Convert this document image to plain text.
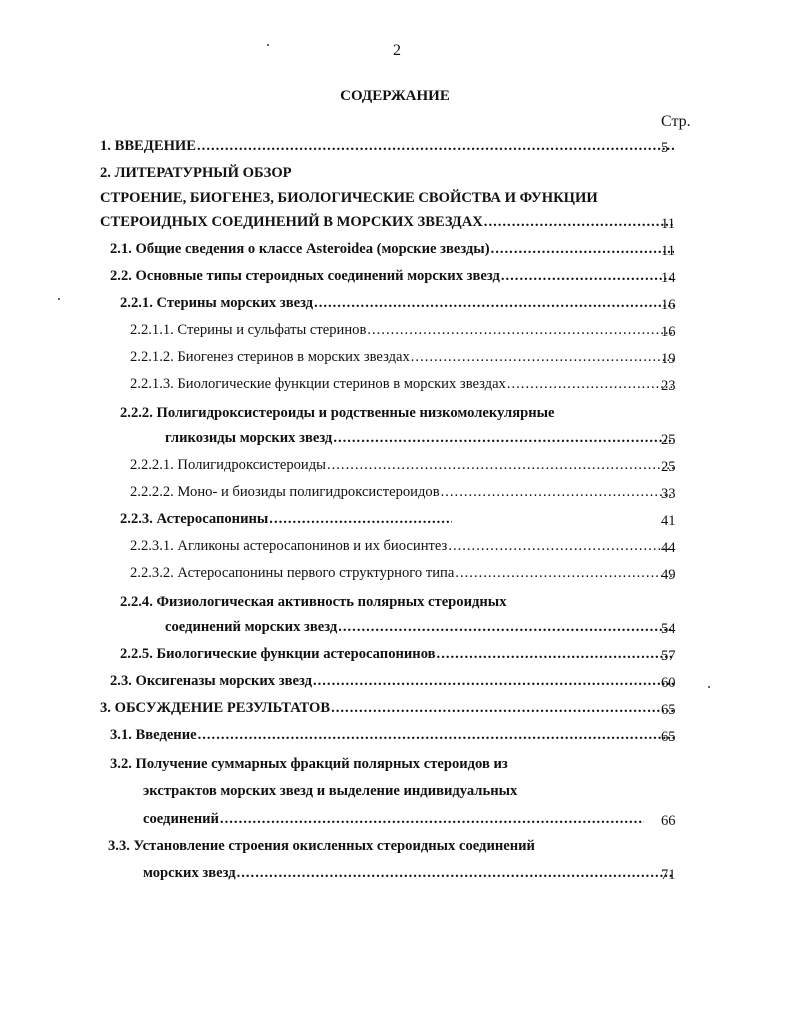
2
СОДЕРЖАНИЕ
Стр.
1. ВВЕДЕНИЕ .....	5
2. ЛИТЕРАТУРНЫЙ ОБЗОР
СТРОЕНИЕ, БИОГЕНЕЗ, БИОЛОГИЧЕСКИЕ СВОЙСТВА И ФУНКЦИИ
СТЕРОИДНЫХ СОЕДИНЕНИЙ В МОРСКИХ ЗВЕЗДАХ .....	11
2.1. Общие сведения о классе Asteroidea (морские звезды) .....	11
2.2. Основные типы стероидных соединений морских звезд .....	14
2.2.1. Стерины морских звезд .....	16
2.2.1.1. Стерины и сульфаты стеринов .....	16
2.2.1.2. Биогенез стеринов в морских звездах .....	19
2.2.1.3. Биологические функции стеринов в морских звездах .....	23
2.2.2. Полигидроксистероиды и родственные низкомолекулярные
гликозиды морских звезд .....	25
2.2.2.1. Полигидроксистероиды .....	25
2.2.2.2. Моно- и биозиды полигидроксистероидов .....	33
2.2.3. Астеросапонины .....	41
2.2.3.1. Агликоны астеросапонинов и их биосинтез .....	44
2.2.3.2. Астеросапонины первого структурного типа .....	49
2.2.4. Физиологическая активность полярных стероидных
соединений морских звезд .....	54
2.2.5. Биологические функции астеросапонинов .....	57
2.3. Оксигеназы морских звезд .....	60
3. ОБСУЖДЕНИЕ РЕЗУЛЬТАТОВ .....	65
3.1. Введение .....	65
3.2. Получение суммарных фракций полярных стероидов из
экстрактов морских звезд и выделение индивидуальных
соединений .....	66
3.3. Установление строения окисленных стероидных соединений
морских звезд .....	71
